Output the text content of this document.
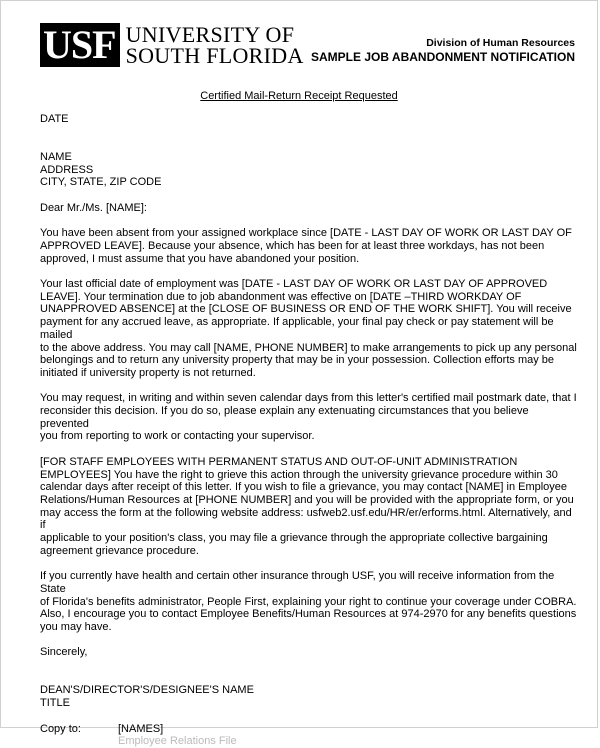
USF UNIVERSITY OF
SOUTH FLORIDA	Division of Human Resources
SAMPLE JOB ABANDONMENT NOTIFICATION
Certified Mail-Return Receipt Requested

DATE

NAME

ADDRESS

CITY, STATE, ZIP CODE

Dear Mr./Ms. [NAME]:

You have been absent from your assigned workplace since [DATE - LAST DAY OF WORK OR LAST DAY OF

APPROVED LEAVE]. Because your absence, which has been for at least three workdays, has not been

approved, I must assume that you have abandoned your position.

Your last official date of employment was [DATE - LAST DAY OF WORK OR LAST DAY OF APPROVED

LEAVE]. Your termination due to job abandonment was effective on [DATE –THIRD WORKDAY OF

UNAPPROVED ABSENCE] at the [CLOSE OF BUSINESS OR END OF THE WORK SHIFT]. You will receive

payment for any accrued leave, as appropriate. If applicable, your final pay check or pay statement will be mailed

to the above address. You may call [NAME, PHONE NUMBER] to make arrangements to pick up any personal

belongings and to return any university property that may be in your possession. Collection efforts may be

initiated if university property is not returned.

You may request, in writing and within seven calendar days from this letter's certified mail postmark date, that I

reconsider this decision. If you do so, please explain any extenuating circumstances that you believe prevented

you from reporting to work or contacting your supervisor.

[FOR STAFF EMPLOYEES WITH PERMANENT STATUS AND OUT-OF-UNIT ADMINISTRATION

EMPLOYEES] You have the right to grieve this action through the university grievance procedure within 30

calendar days after receipt of this letter. If you wish to file a grievance, you may contact [NAME] in Employee

Relations/Human Resources at [PHONE NUMBER] and you will be provided with the appropriate form, or you

may access the form at the following website address: usfweb2.usf.edu/HR/er/erforms.html. Alternatively, and if

applicable to your position's class, you may file a grievance through the appropriate collective bargaining

agreement grievance procedure.

If you currently have health and certain other insurance through USF, you will receive information from the State

of Florida's benefits administrator, People First, explaining your right to continue your coverage under COBRA.

Also, I encourage you to contact Employee Benefits/Human Resources at 974-2970 for any benefits questions

you may have.

Sincerely,

DEAN'S/DIRECTOR'S/DESIGNEE'S NAME

TITLE

Copy to:	[NAMES]
Employee Relations File
